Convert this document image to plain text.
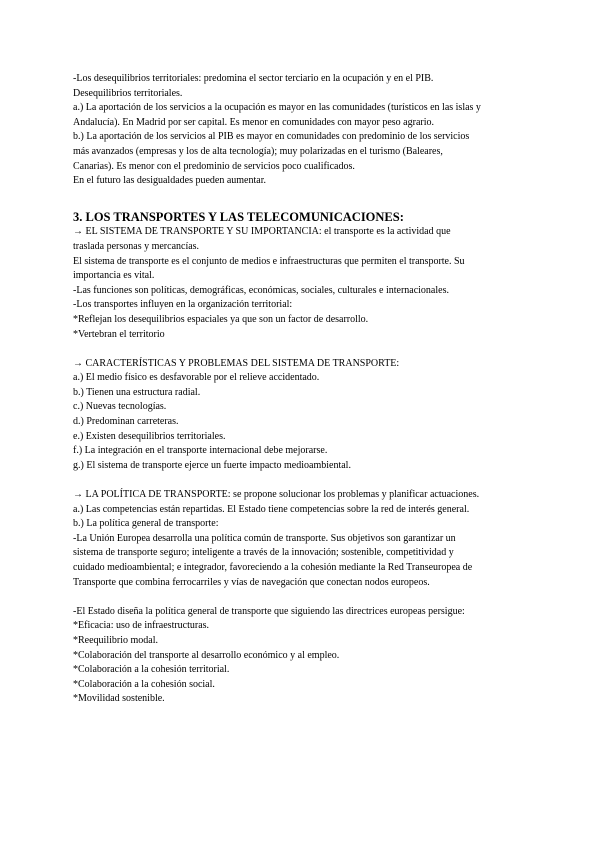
-Los desequilibrios territoriales: predomina el sector terciario en la ocupación y en el PIB.
Desequilibrios territoriales.
a.) La aportación de los servicios a la ocupación es mayor en las comunidades (turísticos en las islas y
Andalucía). En Madrid por ser capital. Es menor en comunidades con mayor peso agrario.
b.) La aportación de los servicios al PIB es mayor en comunidades con predominio de los servicios
más avanzados (empresas y los de alta tecnología); muy polarizadas en el turismo (Baleares,
Canarias). Es menor con el predominio de servicios poco cualificados.
En el futuro las desigualdades pueden aumentar.
3. LOS TRANSPORTES Y LAS TELECOMUNICACIONES:
→ EL SISTEMA DE TRANSPORTE Y SU IMPORTANCIA: el transporte es la actividad que
traslada personas y mercancías.
El sistema de transporte es el conjunto de medios e infraestructuras que permiten el transporte. Su
importancia es vital.
-Las funciones son políticas, demográficas, económicas, sociales, culturales e internacionales.
-Los transportes influyen en la organización territorial:
*Reflejan los desequilibrios espaciales ya que son un factor de desarrollo.
*Vertebran el territorio
→ CARACTERÍSTICAS Y PROBLEMAS DEL SISTEMA DE TRANSPORTE:
a.) El medio físico es desfavorable por el relieve accidentado.
b.) Tienen una estructura radial.
c.) Nuevas tecnologías.
d.) Predominan carreteras.
e.) Existen desequilibrios territoriales.
f.) La integración en el transporte internacional debe mejorarse.
g.) El sistema de transporte ejerce un fuerte impacto medioambiental.
→ LA POLÍTICA DE TRANSPORTE: se propone solucionar los problemas y planificar actuaciones.
a.) Las competencias están repartidas. El Estado tiene competencias sobre la red de interés general.
b.) La política general de transporte:
-La Unión Europea desarrolla una política común de transporte. Sus objetivos son garantizar un
sistema de transporte seguro; inteligente a través de la innovación; sostenible, competitividad y
cuidado medioambiental; e integrador, favoreciendo a la cohesión mediante la Red Transeuropea de
Transporte que combina ferrocarriles y vías de navegación que conectan nodos europeos.
-El Estado diseña la política general de transporte que siguiendo las directrices europeas persigue:
*Eficacia: uso de infraestructuras.
*Reequilibrio modal.
*Colaboración del transporte al desarrollo económico y al empleo.
*Colaboración a la cohesión territorial.
*Colaboración a la cohesión social.
*Movilidad sostenible.
